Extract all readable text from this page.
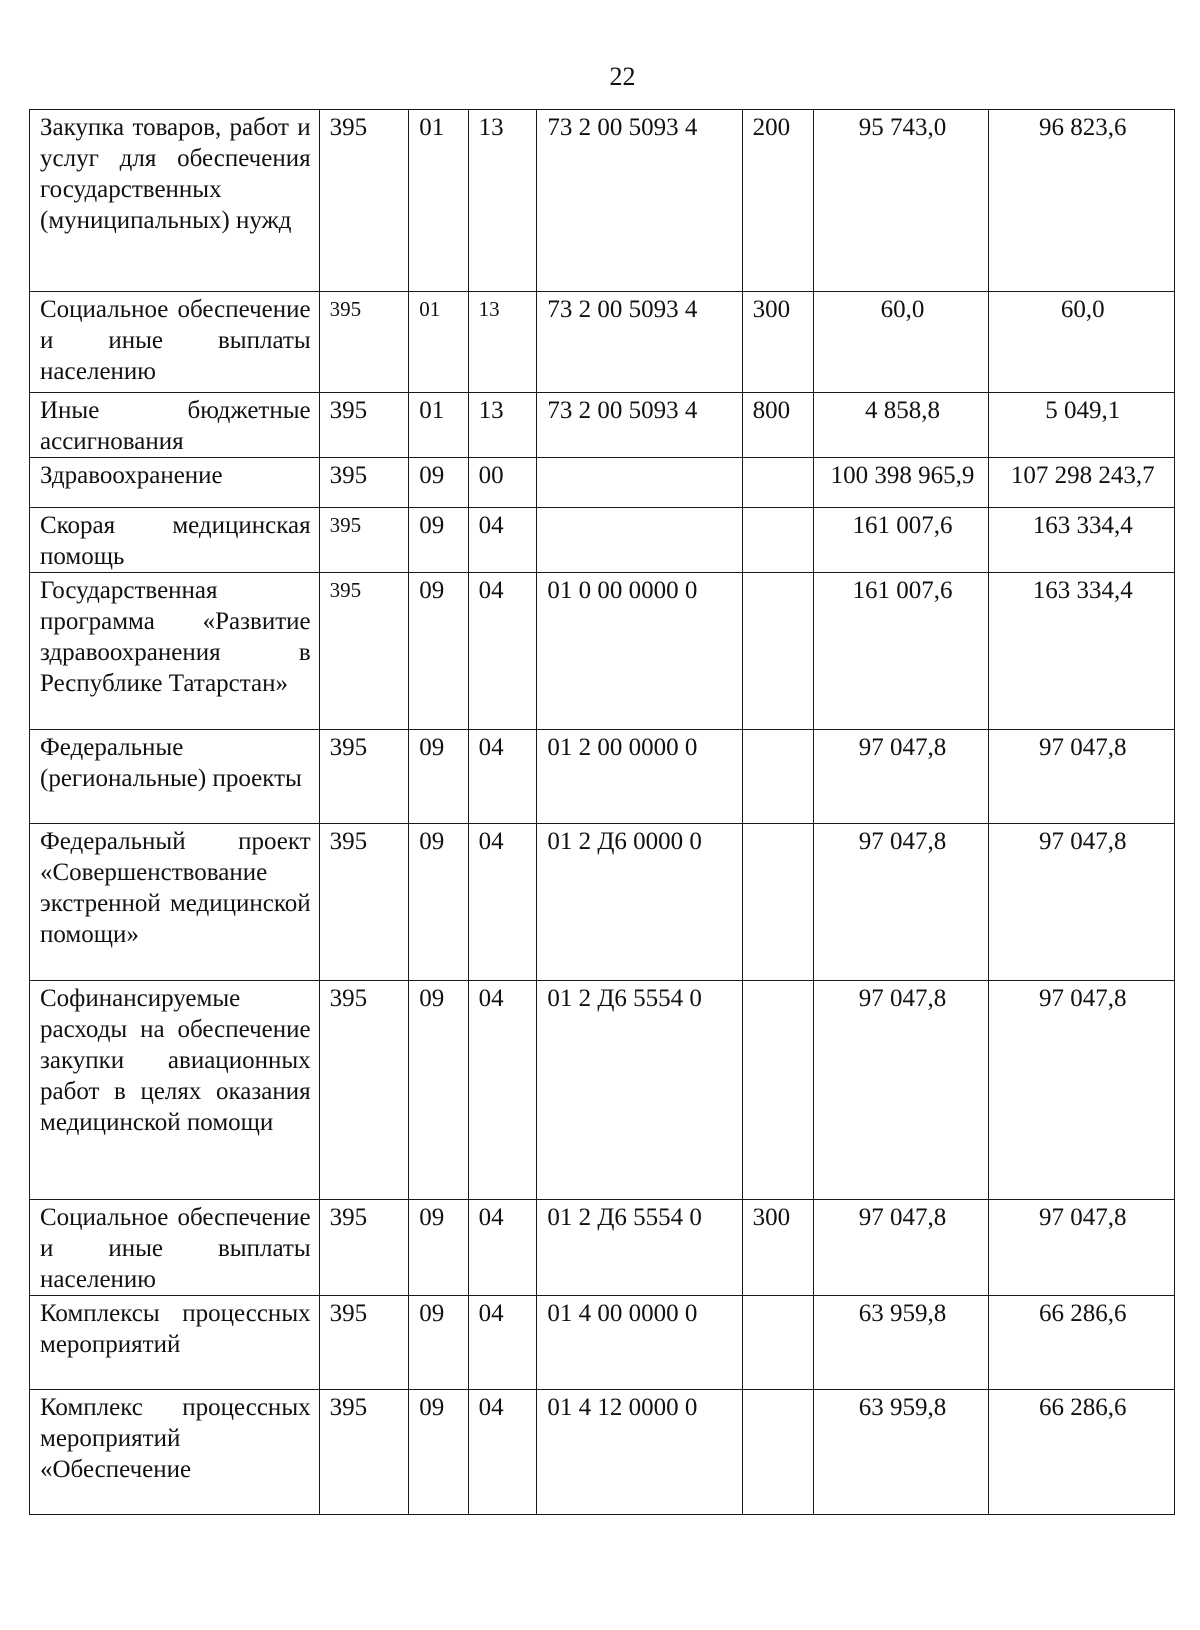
22
Закупка товаров, работ и услуг для обеспечения государственных (муниципальных) нужд	395	01	13	73 2 00 5093 4	200	95 743,0	96 823,6
Социальное обеспечение и иные выплаты населению	395	01	13	73 2 00 5093 4	300	60,0	60,0
Иные бюджетные ассигнования	395	01	13	73 2 00 5093 4	800	4 858,8	5 049,1
Здравоохранение	395	09	00			100 398 965,9	107 298 243,7
Скорая медицинская помощь	395	09	04			161 007,6	163 334,4
Государственная программа «Развитие здравоохранения в Республике Татарстан»	395	09	04	01 0 00 0000 0		161 007,6	163 334,4
Федеральные (региональные) проекты	395	09	04	01 2 00 0000 0		97 047,8	97 047,8
Федеральный проект «Совершенствование экстренной медицинской помощи»	395	09	04	01 2 Д6 0000 0		97 047,8	97 047,8
Софинансируемые расходы на обеспечение закупки авиационных работ в целях оказания медицинской помощи	395	09	04	01 2 Д6 5554 0		97 047,8	97 047,8
Социальное обеспечение и иные выплаты населению	395	09	04	01 2 Д6 5554 0	300	97 047,8	97 047,8
Комплексы процессных мероприятий	395	09	04	01 4 00 0000 0		63 959,8	66 286,6
Комплекс процессных мероприятий «Обеспечение	395	09	04	01 4 12 0000 0		63 959,8	66 286,6
